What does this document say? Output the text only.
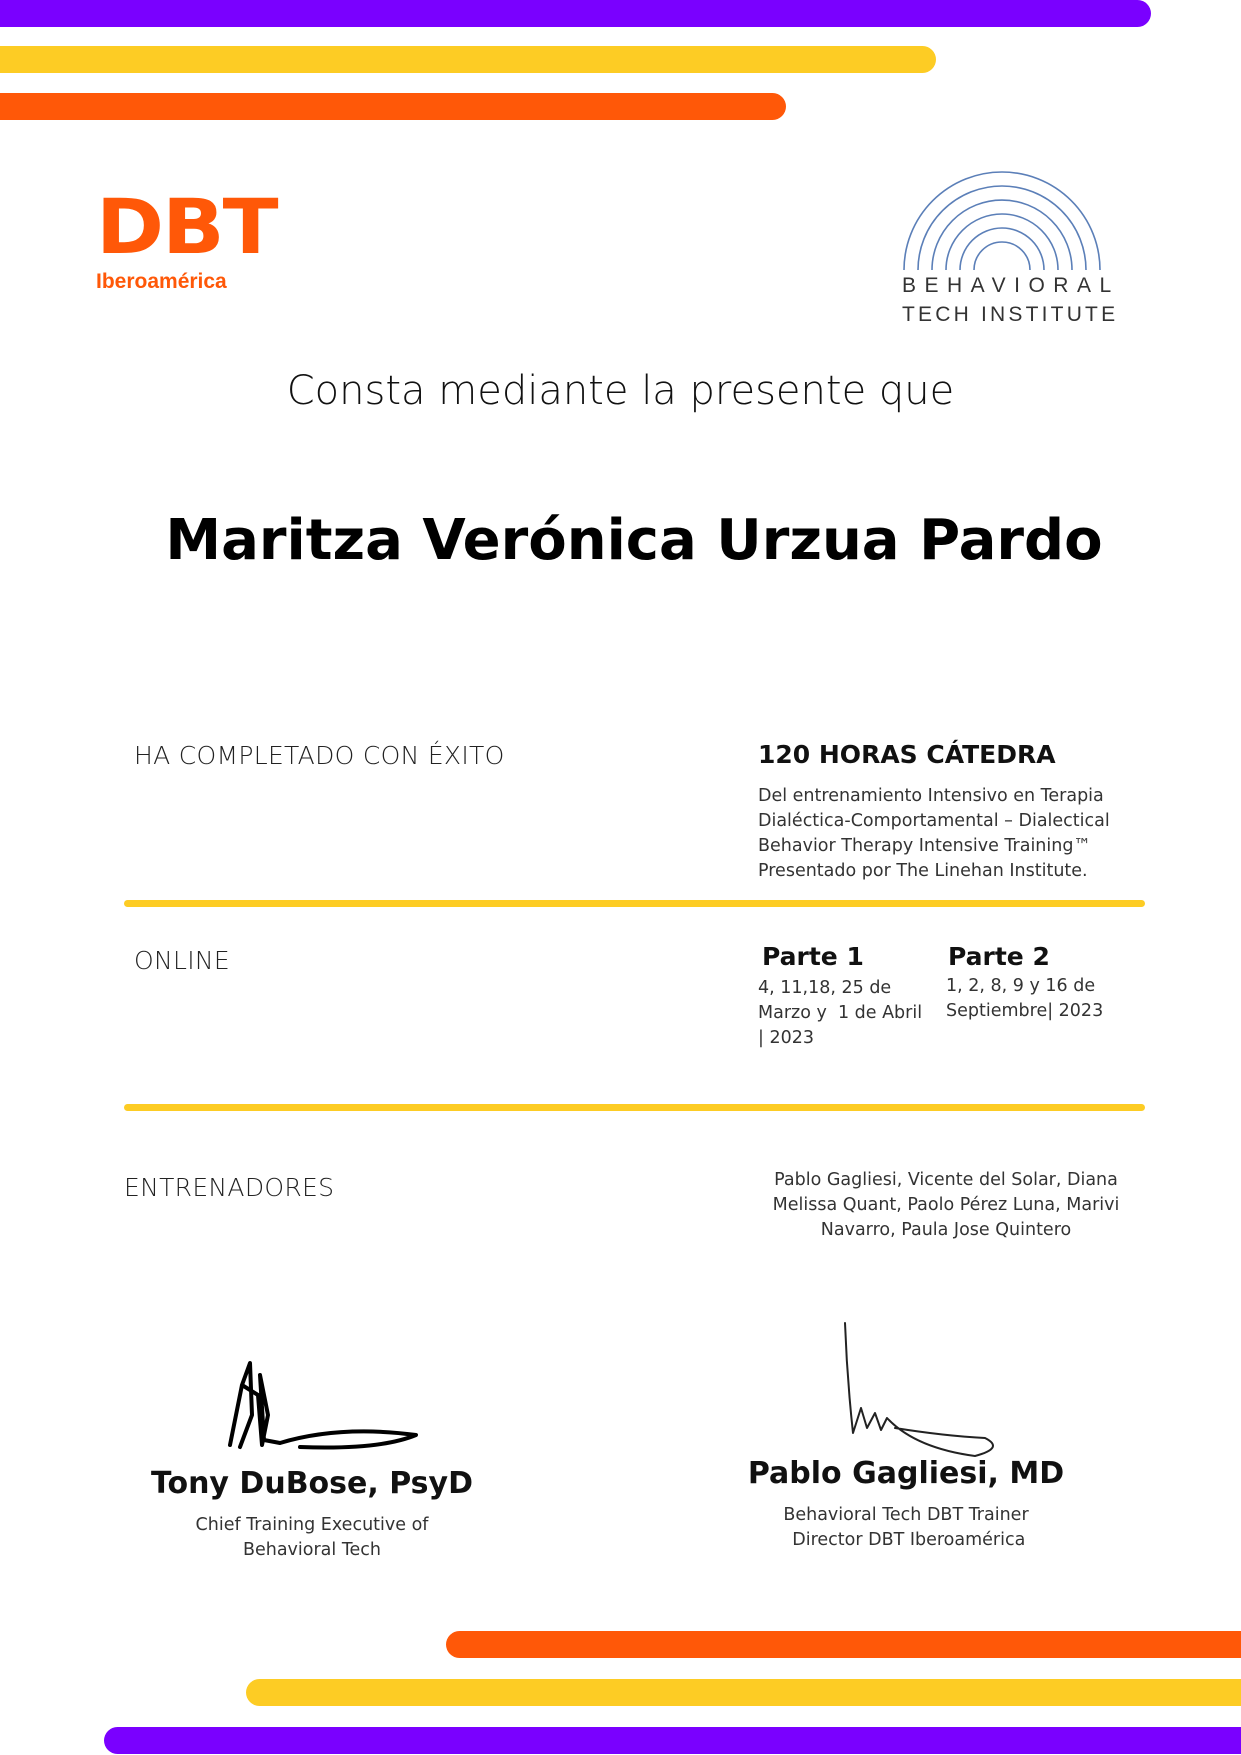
DBT
Iberoamérica	BEHAVIORAL
TECH INSTITUTE
Consta mediante la presente que
Maritza Verónica Urzua Pardo
HA COMPLETADO CON ÉXITO	120 HORAS CÁTEDRA
Del entrenamiento Intensivo en Terapia
Dialéctica-Comportamental – Dialectical
Behavior Therapy Intensive Training™
Presentado por The Linehan Institute.
ONLINE	Parte 1
4, 11,18, 25 de
Marzo y  1 de Abril
| 2023
Parte 2
1, 2, 8, 9 y 16 de
Septiembre| 2023
ENTRENADORES	Pablo Gagliesi, Vicente del Solar, Diana
Melissa Quant, Paolo Pérez Luna, Marivi
Navarro, Paula Jose Quintero
Tony DuBose, PsyD
Chief Training Executive of
Behavioral Tech
Pablo Gagliesi, MD
Behavioral Tech DBT Trainer
Director DBT Iberoamérica
